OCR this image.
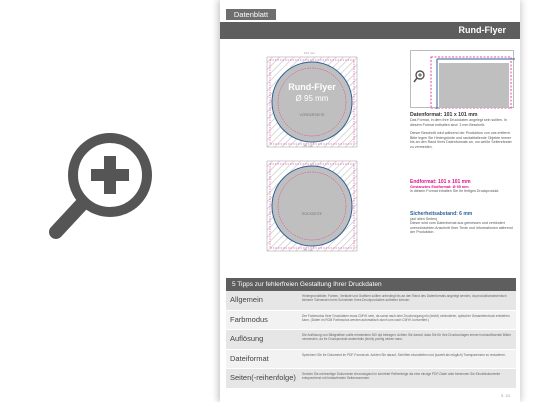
Datenblatt
Rund-Flyer
Rund-Flyer
Ø 95 mm
VORDERSEITE
101 mm
95 mm
RÜCKSEITE
95 mm
Datenformat: 101 x 101 mm
Das Format, in dem Ihre Druckdaten angelegt sein sollten. In diesem Format enthalten sind: 3 mm Beschnitt.
Dieser Beschnitt wird während der Produktion von uns entfernt. Bitte legen Sie Hintergründe und randabfallende Objekte immer bis an den Rand Ihres Datenformats an, um weiße Seitenränder zu vermeiden.
Endformat: 101 x 101 mm
Gestanztes Endformat: Ø 95 mm
in diesem Format erhalten Sie Ihr fertiges Druckprodukt.
Sicherheitsabstand: 6 mm
(auf allen Seiten)
Dieser wird vom Datenformat aus gemessen und verhindert unerwünschten Anschnitt Ihrer Texte und Informationen während der Produktion.
5 Tipps zur fehlerfreien Gestaltung Ihrer Druckdaten
Allgemein	Hintergrundbilder, Farben, Verläufe und Grafiken sollten unbedingt bis an den Rand des Datenformats angelegt werden, da produktionstechnisch kleinere Toleranzen beim Schneiden Ihres Druckproduktes auftreten können.
Farbmodus	Der Farbmodus Ihrer Druckdaten muss CMYK sein, da sonst nach dem Druckvorgang ein (leicht) veränderter, optischer Gesamteindruck entstehen kann. (Daten im RGB Farbmodus werden automatisch durch uns nach CMYK konvertiert.)
Auflösung	Die Auflösung von Bildgrafiken sollte mindestens 300 dpi betragen. Achten Sie darauf, dass Sie für Ihre Druckvorlagen immer hochauflösende Bilder verwenden, da Ihr Druckprodukt andernfalls (leicht) pixelig wirken kann.
Dateiformat	Speichern Sie Ihr Dokument im PDF-Format ab. Achten Sie darauf, Schriften einzubetten und (soweit als möglich) Transparenzen zu reduzieren.
Seiten(-reihenfolge)	Senden Sie mehrseitige Dokumente chronologisch in korrekter Reihenfolge als eine einzige PDF-Datei oder benennen Sie Einzeldokumente entsprechend mit fortlaufenden Seitennummern.
S. 1/3
